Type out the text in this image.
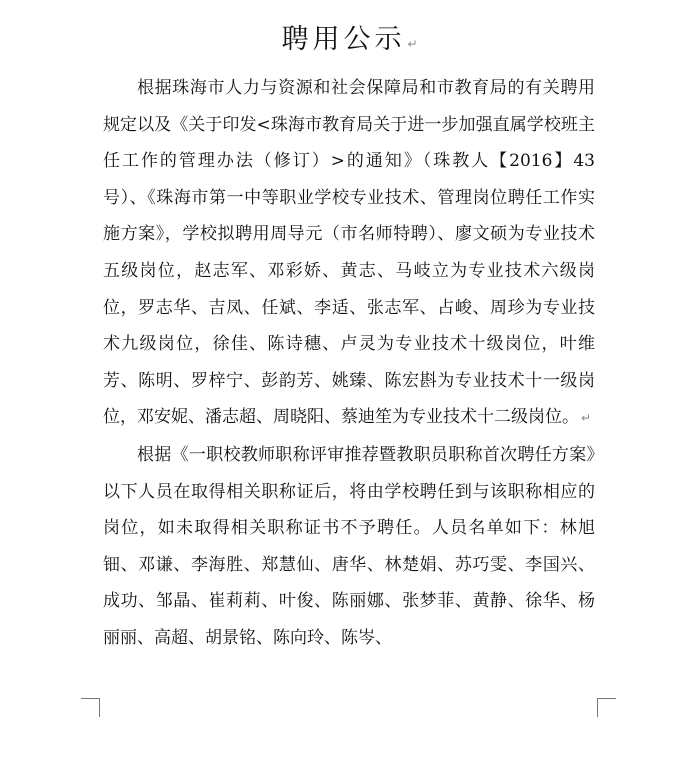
聘用公示 ↵

根据珠海市人力与资源和社会保障局和市教育局的有关聘用规定以及《关于印发<珠海市教育局关于进一步加强直属学校班主任工作的管理办法（修订）>的通知》（珠教人【2016】43 号）、《珠海市第一中等职业学校专业技术、管理岗位聘任工作实施方案》，学校拟聘用周导元（市名师特聘）、廖文硕为专业技术五级岗位，赵志军、邓彩娇、黄志、马岐立为专业技术六级岗位，罗志华、吉凤、任斌、李适、张志军、占峻、周珍为专业技术九级岗位，徐佳、陈诗穗、卢灵为专业技术十级岗位，叶维芳、陈明、罗梓宁、彭韵芳、姚臻、陈宏斟为专业技术十一级岗位，邓安妮、潘志超、周晓阳、蔡迪笙为专业技术十二级岗位。 ↵

根据《一职校教师职称评审推荐暨教职员职称首次聘任方案》以下人员在取得相关职称证后，将由学校聘任到与该职称相应的岗位，如未取得相关职称证书不予聘任。人员名单如下：林旭钿、邓谦、李海胜、郑慧仙、唐华、林楚娟、苏巧雯、李国兴、成功、邹晶、崔莉莉、叶俊、陈丽娜、张梦菲、黄静、徐华、杨丽丽、高超、胡景铭、陈向玲、陈岑、
